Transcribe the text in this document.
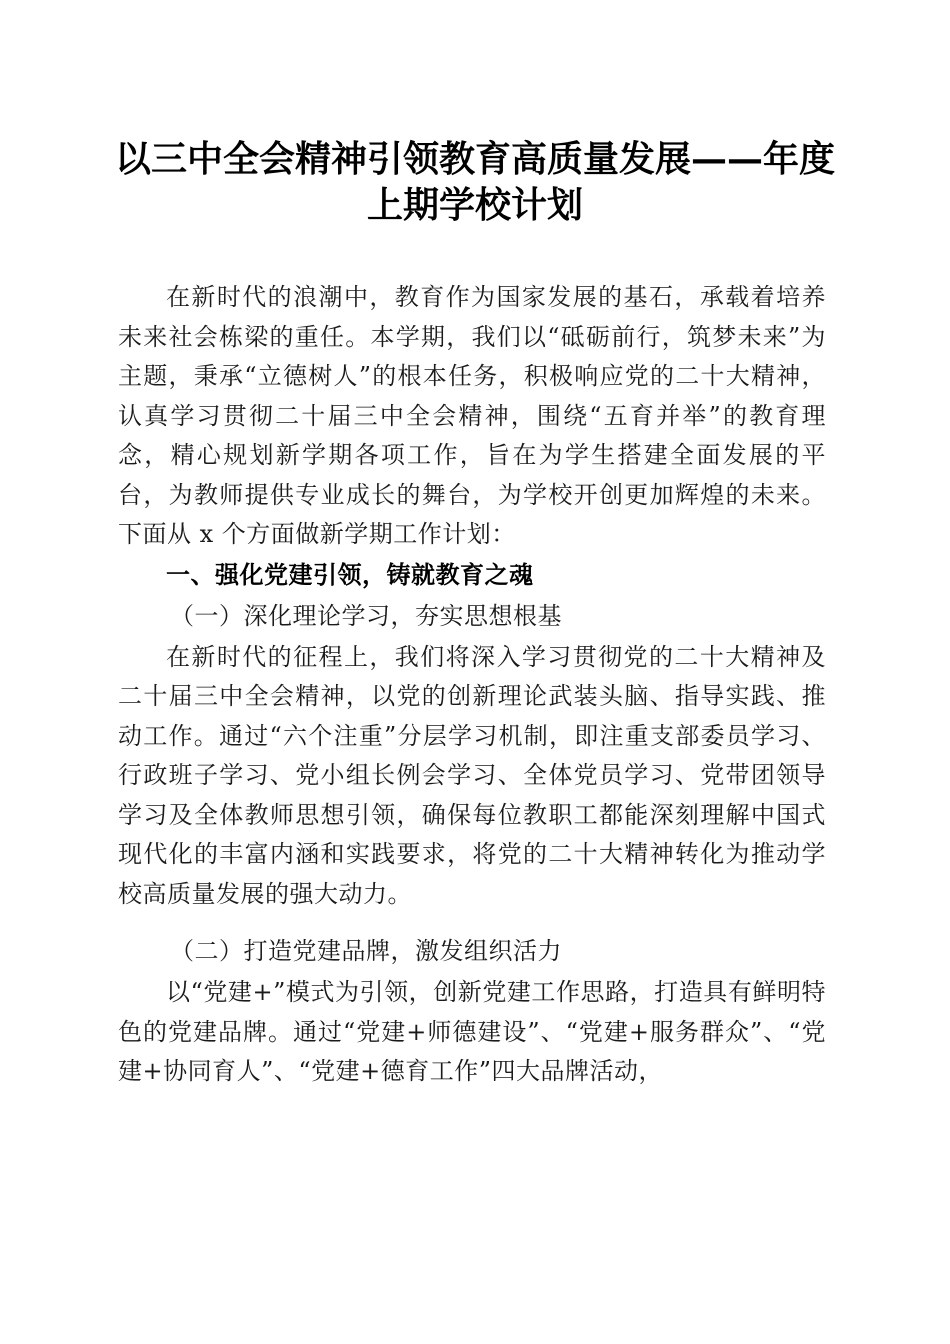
以三中全会精神引领教育高质量发展——年度
上期学校计划

在新时代的浪潮中，教育作为国家发展的基石，承载着培养未来社会栋梁的重任。本学期，我们以“砥砺前行，筑梦未来”为主题，秉承“立德树人”的根本任务，积极响应党的二十大精神，认真学习贯彻二十届三中全会精神，围绕“五育并举”的教育理念，精心规划新学期各项工作，旨在为学生搭建全面发展的平台，为教师提供专业成长的舞台，为学校开创更加辉煌的未来。下面从 x 个方面做新学期工作计划：

一、强化党建引领，铸就教育之魂
（一）深化理论学习，夯实思想根基

在新时代的征程上，我们将深入学习贯彻党的二十大精神及二十届三中全会精神，以党的创新理论武装头脑、指导实践、推动工作。通过“六个注重”分层学习机制，即注重支部委员学习、行政班子学习、党小组长例会学习、全体党员学习、党带团领导学习及全体教师思想引领，确保每位教职工都能深刻理解中国式现代化的丰富内涵和实践要求，将党的二十大精神转化为推动学校高质量发展的强大动力。

（二）打造党建品牌，激发组织活力

以“党建+”模式为引领，创新党建工作思路，打造具有鲜明特色的党建品牌。通过“党建+师德建设”、“党建+服务群众”、“党建+协同育人”、“党建+德育工作”四大品牌活动，
